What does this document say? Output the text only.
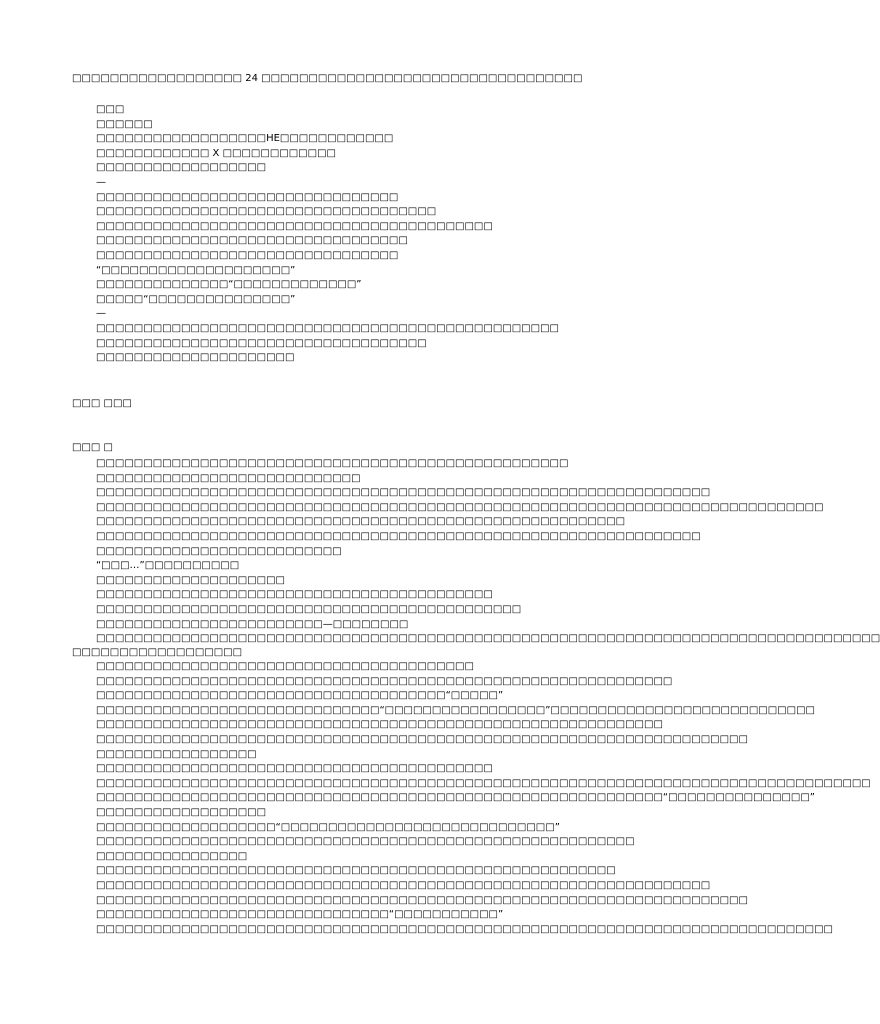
□□□□□□□□□□□□□□□□□□ 24 □□□□□□□□□□□□□□□□□□□□□□□□□□□□□□□□□□
□□□
□□□□□□
□□□□□□□□□□□□□□□□□□HE□□□□□□□□□□□□
□□□□□□□□□□□□ X □□□□□□□□□□□□
□□□□□□□□□□□□□□□□□□
—
□□□□□□□□□□□□□□□□□□□□□□□□□□□□□□□□
□□□□□□□□□□□□□□□□□□□□□□□□□□□□□□□□□□□□
□□□□□□□□□□□□□□□□□□□□□□□□□□□□□□□□□□□□□□□□□□
□□□□□□□□□□□□□□□□□□□□□□□□□□□□□□□□□
□□□□□□□□□□□□□□□□□□□□□□□□□□□□□□□□
“□□□□□□□□□□□□□□□□□□□□”
□□□□□□□□□□□□□□“□□□□□□□□□□□□□”
□□□□□“□□□□□□□□□□□□□□□”
—
□□□□□□□□□□□□□□□□□□□□□□□□□□□□□□□□□□□□□□□□□□□□□□□□□
□□□□□□□□□□□□□□□□□□□□□□□□□□□□□□□□□□□
□□□□□□□□□□□□□□□□□□□□□
□□□ □□□
□□□ □
□□□□□□□□□□□□□□□□□□□□□□□□□□□□□□□□□□□□□□□□□□□□□□□□□□
□□□□□□□□□□□□□□□□□□□□□□□□□□□□
□□□□□□□□□□□□□□□□□□□□□□□□□□□□□□□□□□□□□□□□□□□□□□□□□□□□□□□□□□□□□□□□□
□□□□□□□□□□□□□□□□□□□□□□□□□□□□□□□□□□□□□□□□□□□□□□□□□□□□□□□□□□□□□□□□□□□□□□□□□□□□□
□□□□□□□□□□□□□□□□□□□□□□□□□□□□□□□□□□□□□□□□□□□□□□□□□□□□□□□□
□□□□□□□□□□□□□□□□□□□□□□□□□□□□□□□□□□□□□□□□□□□□□□□□□□□□□□□□□□□□□□□□
□□□□□□□□□□□□□□□□□□□□□□□□□□
“□□□…”□□□□□□□□□□
□□□□□□□□□□□□□□□□□□□□
□□□□□□□□□□□□□□□□□□□□□□□□□□□□□□□□□□□□□□□□□□
□□□□□□□□□□□□□□□□□□□□□□□□□□□□□□□□□□□□□□□□□□□□□
□□□□□□□□□□□□□□□□□□□□□□□□—□□□□□□□□
□□□□□□□□□□□□□□□□□□□□□□□□□□□□□□□□□□□□□□□□□□□□□□□□□□□□□□□□□□□□□□□□□□□□□□□□□□□□□□□□□□□
□□□□□□□□□□□□□□□□□□
□□□□□□□□□□□□□□□□□□□□□□□□□□□□□□□□□□□□□□□□
□□□□□□□□□□□□□□□□□□□□□□□□□□□□□□□□□□□□□□□□□□□□□□□□□□□□□□□□□□□□□
□□□□□□□□□□□□□□□□□□□□□□□□□□□□□□□□□□□□□“□□□□□”
□□□□□□□□□□□□□□□□□□□□□□□□□□□□□□“□□□□□□□□□□□□□□□□□”□□□□□□□□□□□□□□□□□□□□□□□□□□□□
□□□□□□□□□□□□□□□□□□□□□□□□□□□□□□□□□□□□□□□□□□□□□□□□□□□□□□□□□□□□
□□□□□□□□□□□□□□□□□□□□□□□□□□□□□□□□□□□□□□□□□□□□□□□□□□□□□□□□□□□□□□□□□□□□□
□□□□□□□□□□□□□□□□□
□□□□□□□□□□□□□□□□□□□□□□□□□□□□□□□□□□□□□□□□□□
□□□□□□□□□□□□□□□□□□□□□□□□□□□□□□□□□□□□□□□□□□□□□□□□□□□□□□□□□□□□□□□□□□□□□□□□□□□□□□□□□□
□□□□□□□□□□□□□□□□□□□□□□□□□□□□□□□□□□□□□□□□□□□□□□□□□□□□□□□□□□□□“□□□□□□□□□□□□□□□”
□□□□□□□□□□□□□□□□□□
□□□□□□□□□□□□□□□□□□□“□□□□□□□□□□□□□□□□□□□□□□□□□□□□□”
□□□□□□□□□□□□□□□□□□□□□□□□□□□□□□□□□□□□□□□□□□□□□□□□□□□□□□□□□
□□□□□□□□□□□□□□□□
□□□□□□□□□□□□□□□□□□□□□□□□□□□□□□□□□□□□□□□□□□□□□□□□□□□□□□□
□□□□□□□□□□□□□□□□□□□□□□□□□□□□□□□□□□□□□□□□□□□□□□□□□□□□□□□□□□□□□□□□□
□□□□□□□□□□□□□□□□□□□□□□□□□□□□□□□□□□□□□□□□□□□□□□□□□□□□□□□□□□□□□□□□□□□□□
□□□□□□□□□□□□□□□□□□□□□□□□□□□□□□□“□□□□□□□□□□□”
□□□□□□□□□□□□□□□□□□□□□□□□□□□□□□□□□□□□□□□□□□□□□□□□□□□□□□□□□□□□□□□□□□□□□□□□□□□□□□
